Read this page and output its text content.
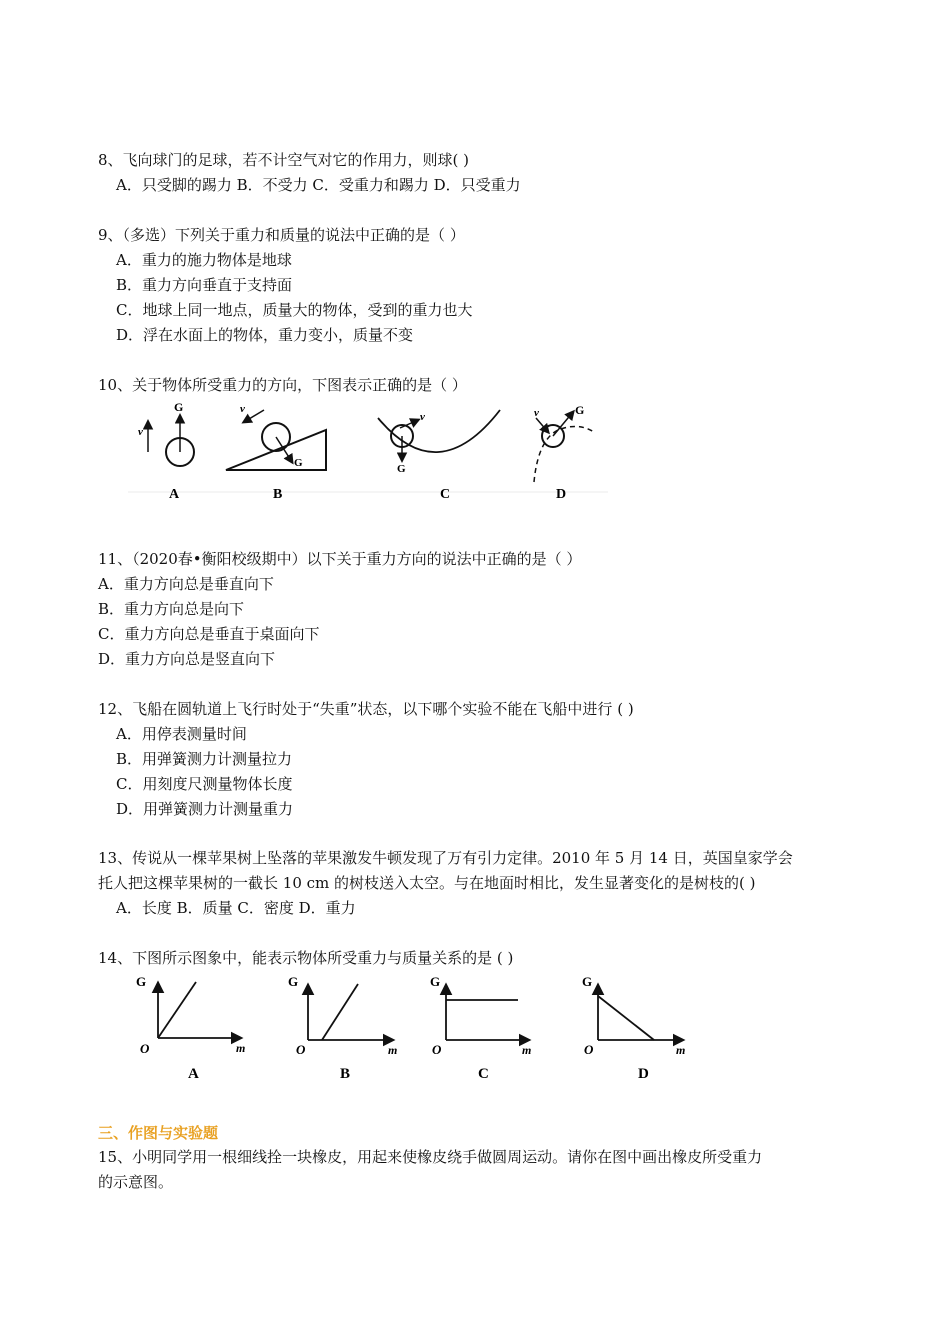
8、飞向球门的足球，若不计空气对它的作用力，则球( )
A．只受脚的踢力 B．不受力 C．受重力和踢力 D．只受重力
9、（多选）下列关于重力和质量的说法中正确的是（ ）
A．重力的施力物体是地球
B．重力方向垂直于支持面
C．地球上同一地点，质量大的物体，受到的重力也大
D．浮在水面上的物体，重力变小，质量不变
10、关于物体所受重力的方向，下图表示正确的是（ ）
v
G
A
G
v
B
G
v
C
v	G
D
11、（2020春•衡阳校级期中）以下关于重力方向的说法中正确的是（ ）
A．重力方向总是垂直向下
B．重力方向总是向下
C．重力方向总是垂直于桌面向下
D．重力方向总是竖直向下
12、飞船在圆轨道上飞行时处于“失重”状态，以下哪个实验不能在飞船中进行 ( )
A．用停表测量时间
B．用弹簧测力计测量拉力
C．用刻度尺测量物体长度
D．用弹簧测力计测量重力
13、传说从一棵苹果树上坠落的苹果激发牛顿发现了万有引力定律。2010 年 5 月 14 日，英国皇家学会
托人把这棵苹果树的一截长 10 cm 的树枝送入太空。与在地面时相比，发生显著变化的是树枝的( )
A．长度 B．质量 C．密度 D．重力
14、下图所示图象中，能表示物体所受重力与质量关系的是 ( )
G
O	m
A
G
O	m
B
G
O	m
C
G
O	m
D
三、作图与实验题
15、小明同学用一根细线拴一块橡皮，用起来使橡皮绕手做圆周运动。请你在图中画出橡皮所受重力
的示意图。
